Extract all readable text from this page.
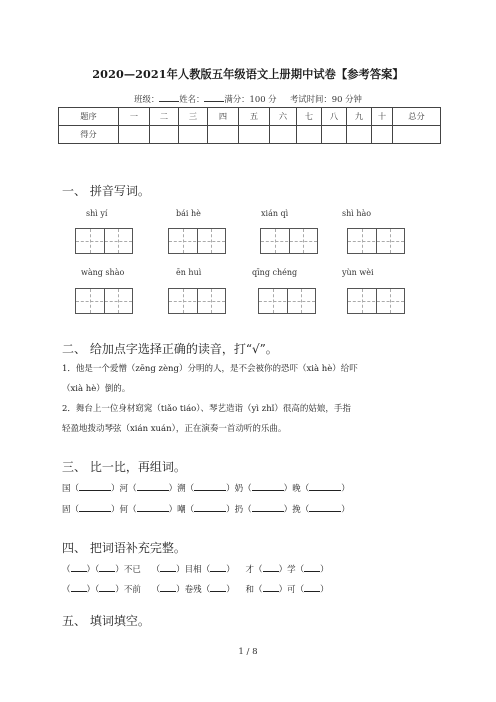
2020—2021年人教版五年级语文上册期中试卷【参考答案】
班级： 姓名： 满分：100 分 考试时间：90 分钟
题序	一	二	三	四	五	六	七	八	九	十	总分
得分											
一、 拼音写词。
shì yí	bái hè	xián qì	shì hào
wàng shào	ēn huì	qīng chéng	yùn wèi
二、 给加点字选择正确的读音，打“√”。
1．他是一个爱憎（zēng zèng）分明的人，是不会被你的恐吓（xià hè）给吓
（xià hè）倒的。
2．舞台上一位身材窈窕（tiǎo tiáo）、琴艺造诣（yì zhǐ）很高的姑娘，手指
轻盈地拨动琴弦（xián xuán），正在演奏一首动听的乐曲。
三、 比一比，再组词。
国（	）河（	）溯（	）奶（	）晚（	）
固（	）何（	）嘲（	）扔（	）挽（	）
四、 把词语补充完整。
（ ）（ ）不已 （ ）目相（ ） 才（ ）学（ ）
（ ）（ ）不前 （ ）卷残（ ） 和（ ）可（ ）
五、 填词填空。
1 / 8
